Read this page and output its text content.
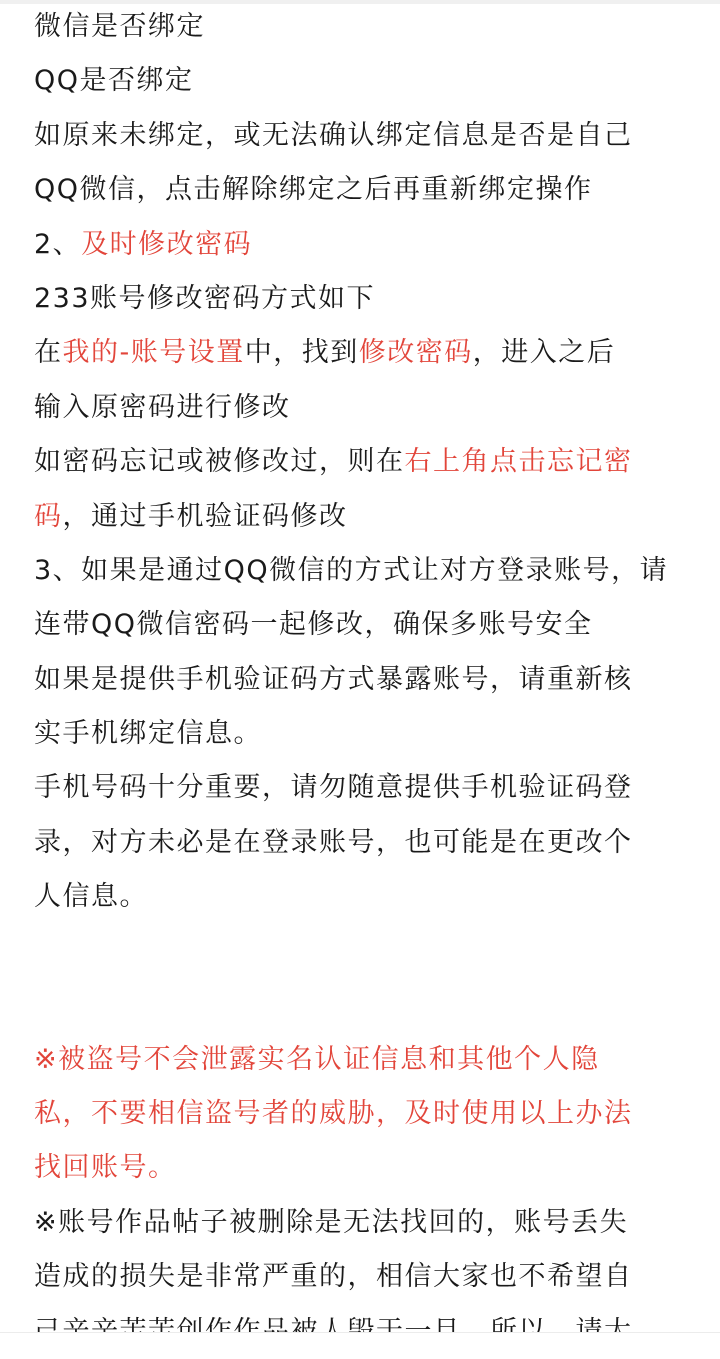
微信是否绑定
QQ是否绑定
如原来未绑定，或无法确认绑定信息是否是自己
QQ微信，点击解除绑定之后再重新绑定操作
2、及时修改密码
233账号修改密码方式如下
在我的-账号设置中，找到修改密码，进入之后
输入原密码进行修改
如密码忘记或被修改过，则在右上角点击忘记密
码，通过手机验证码修改
3、如果是通过QQ微信的方式让对方登录账号，请
连带QQ微信密码一起修改，确保多账号安全
如果是提供手机验证码方式暴露账号，请重新核
实手机绑定信息。
手机号码十分重要，请勿随意提供手机验证码登
录，对方未必是在登录账号，也可能是在更改个
人信息。
※被盗号不会泄露实名认证信息和其他个人隐
私，不要相信盗号者的威胁，及时使用以上办法
找回账号。
※账号作品帖子被删除是无法找回的，账号丢失
造成的损失是非常严重的，相信大家也不希望自
